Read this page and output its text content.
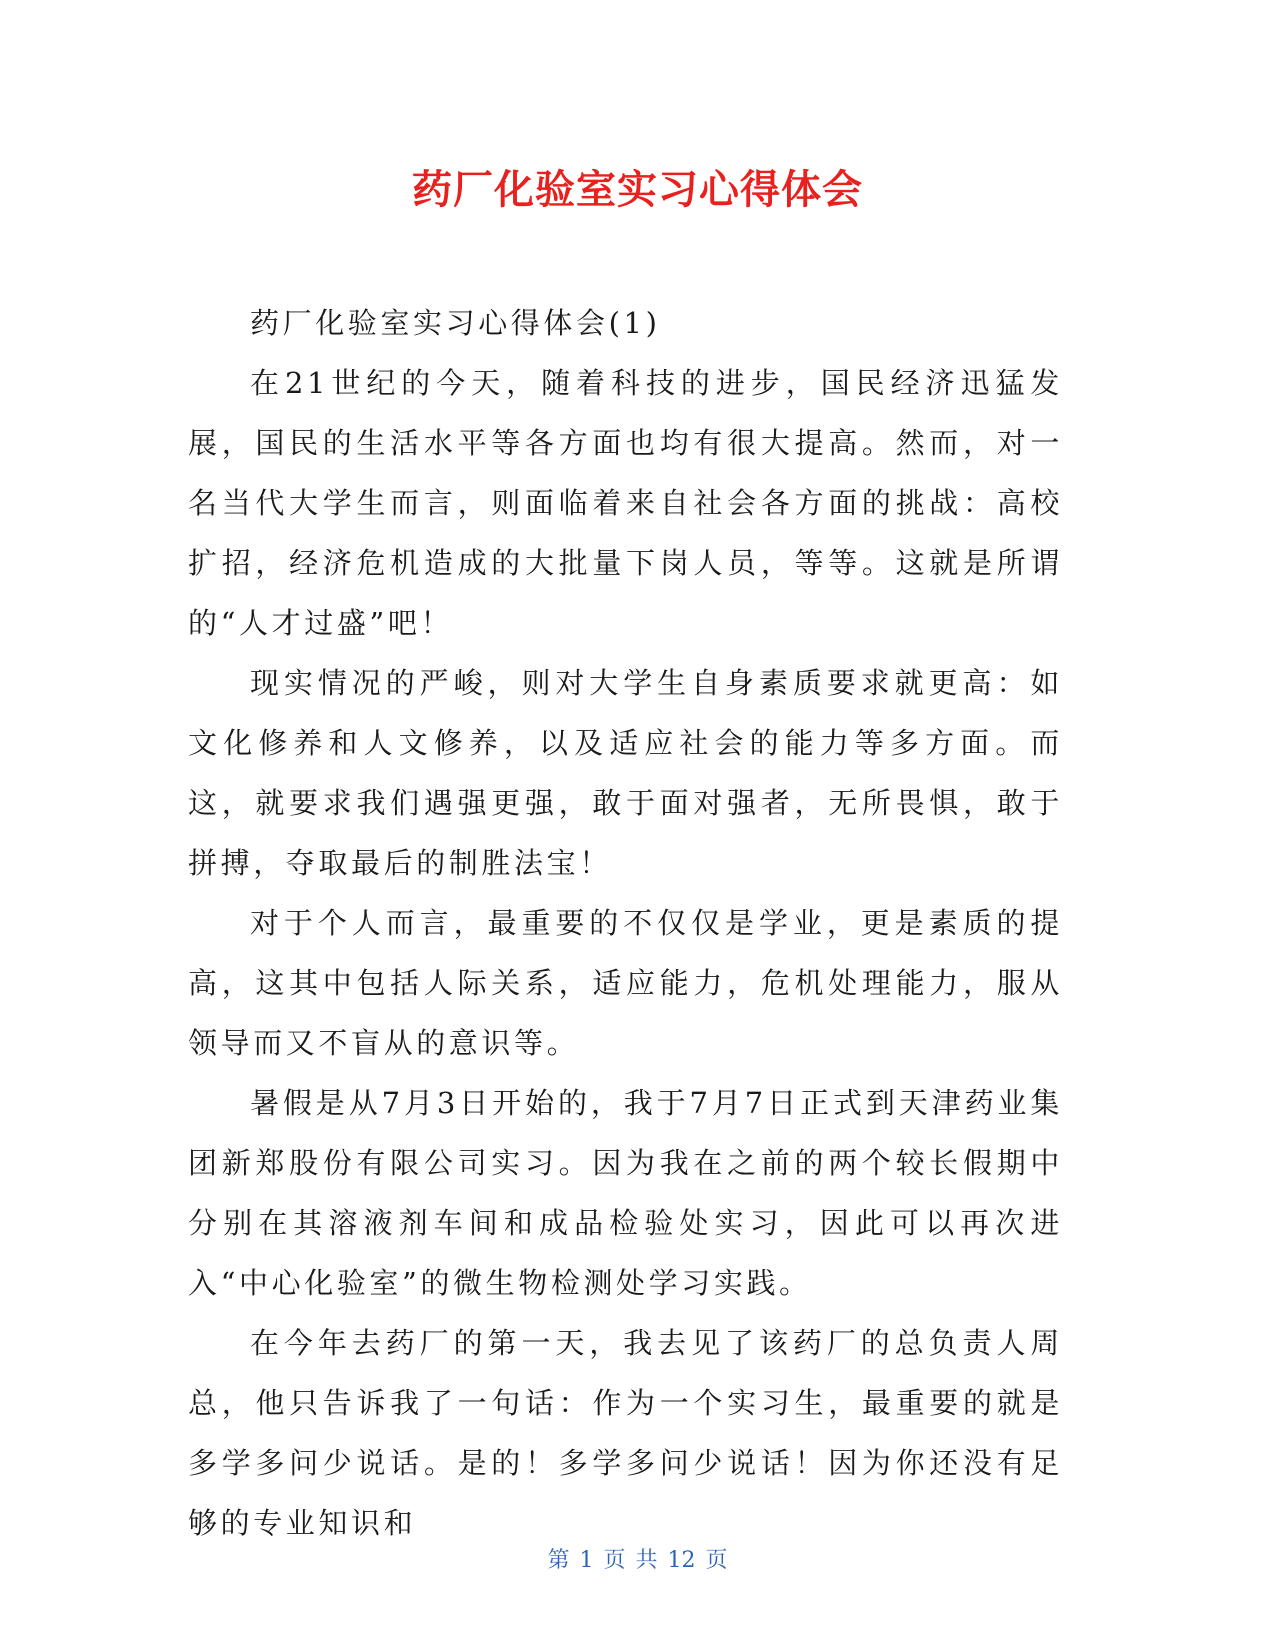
药厂化验室实习心得体会

药厂化验室实习心得体会(1)

在21世纪的今天，随着科技的进步，国民经济迅猛发展，国民的生活水平等各方面也均有很大提高。然而，对一名当代大学生而言，则面临着来自社会各方面的挑战：高校扩招，经济危机造成的大批量下岗人员，等等。这就是所谓的“人才过盛”吧！

现实情况的严峻，则对大学生自身素质要求就更高：如文化修养和人文修养，以及适应社会的能力等多方面。而这，就要求我们遇强更强，敢于面对强者，无所畏惧，敢于拼搏，夺取最后的制胜法宝！

对于个人而言，最重要的不仅仅是学业，更是素质的提高，这其中包括人际关系，适应能力，危机处理能力，服从领导而又不盲从的意识等。

暑假是从7月3日开始的，我于7月7日正式到天津药业集团新郑股份有限公司实习。因为我在之前的两个较长假期中分别在其溶液剂车间和成品检验处实习，因此可以再次进入“中心化验室”的微生物检测处学习实践。

在今年去药厂的第一天，我去见了该药厂的总负责人周总，他只告诉我了一句话：作为一个实习生，最重要的就是多学多问少说话。是的！多学多问少说话！因为你还没有足够的专业知识和

第 1 页 共 12 页
